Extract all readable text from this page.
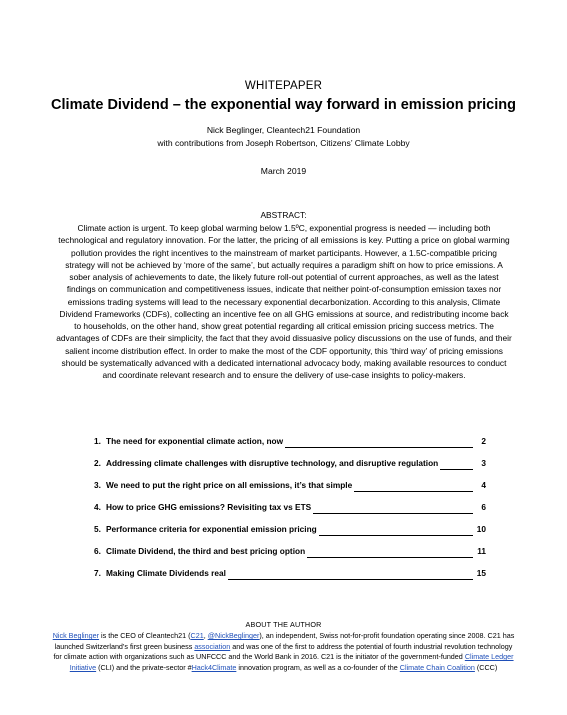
WHITEPAPER
Climate Dividend – the exponential way forward in emission pricing
Nick Beglinger, Cleantech21 Foundation
with contributions from Joseph Robertson, Citizens’ Climate Lobby
March 2019
ABSTRACT:
Climate action is urgent. To keep global warming below 1.5ºC, exponential progress is needed — including both technological and regulatory innovation. For the latter, the pricing of all emissions is key. Putting a price on global warming pollution provides the right incentives to the mainstream of market participants. However, a 1.5C-compatible pricing strategy will not be achieved by ‘more of the same’, but actually requires a paradigm shift on how to price emissions. A sober analysis of achievements to date, the likely future roll-out potential of current approaches, as well as the latest findings on communication and competitiveness issues, indicate that neither point-of-consumption emission taxes nor emissions trading systems will lead to the necessary exponential decarbonization. According to this analysis, Climate Dividend Frameworks (CDFs), collecting an incentive fee on all GHG emissions at source, and redistributing income back to households, on the other hand, show great potential regarding all critical emission pricing success metrics. The advantages of CDFs are their simplicity, the fact that they avoid dissuasive policy discussions on the use of funds, and their salient income distribution effect. In order to make the most of the CDF opportunity, this ‘third way’ of pricing emissions should be systematically advanced with a dedicated international advocacy body, making available resources to conduct and coordinate relevant research and to ensure the delivery of use-case insights to policy-makers.
1. The need for exponential climate action, now	2
2. Addressing climate challenges with disruptive technology, and disruptive regulation	3
3. We need to put the right price on all emissions, it’s that simple	4
4. How to price GHG emissions? Revisiting tax vs ETS	6
5. Performance criteria for exponential emission pricing	10
6. Climate Dividend, the third and best pricing option	11
7. Making Climate Dividends real	15
ABOUT THE AUTHOR
Nick Beglinger is the CEO of Cleantech21 (C21, @NickBeglinger), an independent, Swiss not-for-profit foundation operating since 2008. C21 has launched Switzerland’s first green business association and was one of the first to address the potential of fourth industrial revolution technology for climate action with organizations such as UNFCCC and the World Bank in 2016. C21 is the initiator of the government-funded Climate Ledger Initiative (CLI) and the private-sector #Hack4Climate innovation program, as well as a co-founder of the Climate Chain Coalition (CCC)
